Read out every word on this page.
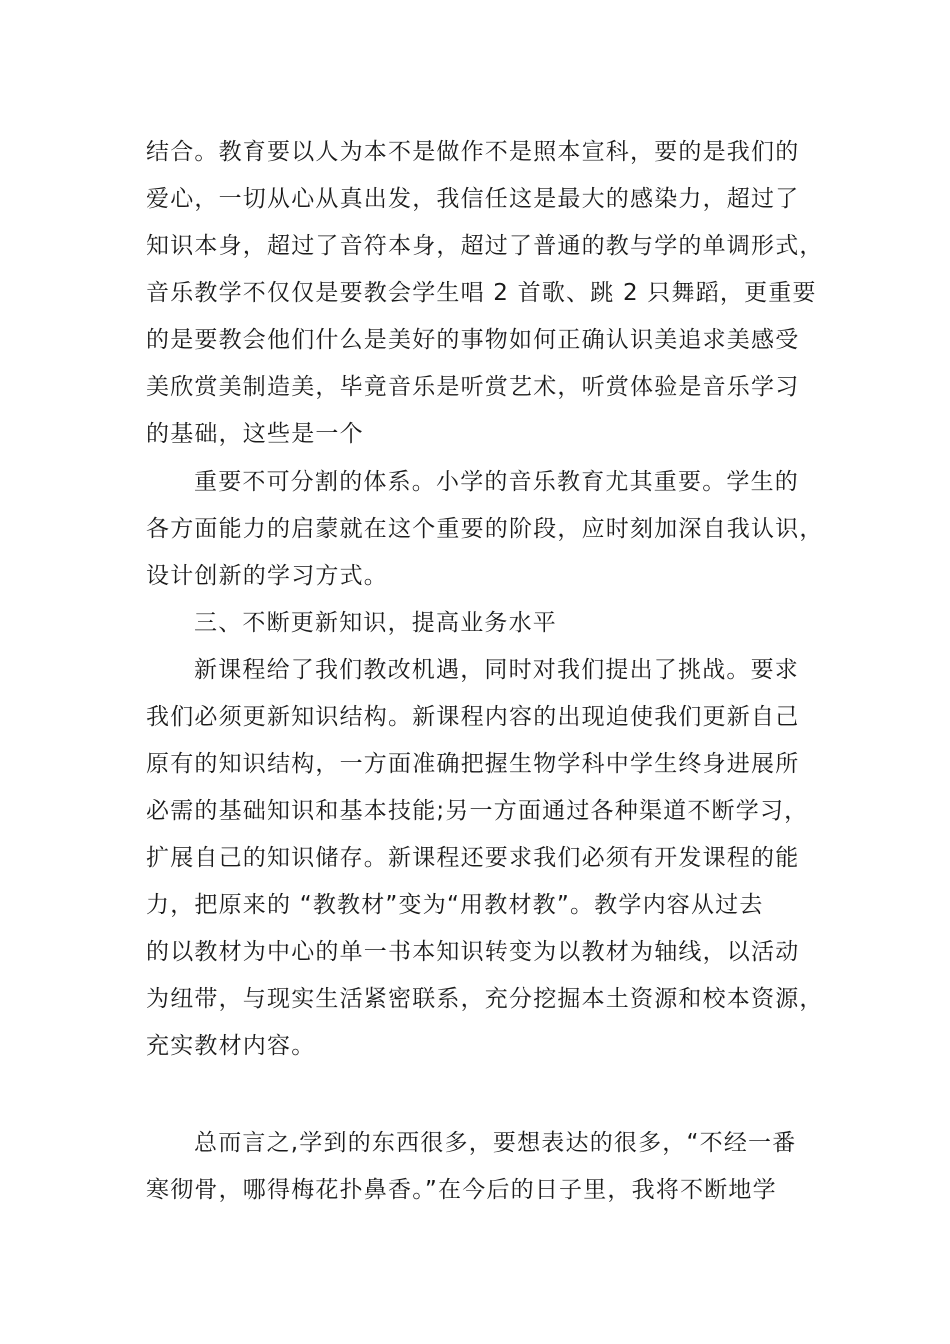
结合。教育要以人为本不是做作不是照本宣科，要的是我们的
爱心，一切从心从真出发，我信任这是最大的感染力，超过了
知识本身，超过了音符本身，超过了普通的教与学的单调形式，
音乐教学不仅仅是要教会学生唱 2 首歌、跳 2 只舞蹈，更重要
的是要教会他们什么是美好的事物如何正确认识美追求美感受
美欣赏美制造美，毕竟音乐是听赏艺术，听赏体验是音乐学习
的基础，这些是一个
重要不可分割的体系。小学的音乐教育尤其重要。学生的
各方面能力的启蒙就在这个重要的阶段，应时刻加深自我认识，
设计创新的学习方式。
三、不断更新知识，提高业务水平
新课程给了我们教改机遇，同时对我们提出了挑战。要求
我们必须更新知识结构。新课程内容的出现迫使我们更新自己
原有的知识结构，一方面准确把握生物学科中学生终身进展所
必需的基础知识和基本技能;另一方面通过各种渠道不断学习，
扩展自己的知识储存。新课程还要求我们必须有开发课程的能
力，把原来的 “教教材”变为“用教材教”。教学内容从过去
的以教材为中心的单一书本知识转变为以教材为轴线，以活动
为纽带，与现实生活紧密联系，充分挖掘本土资源和校本资源，
充实教材内容。
总而言之,学到的东西很多，要想表达的很多，“不经一番
寒彻骨，哪得梅花扑鼻香。”在今后的日子里，我将不断地学
